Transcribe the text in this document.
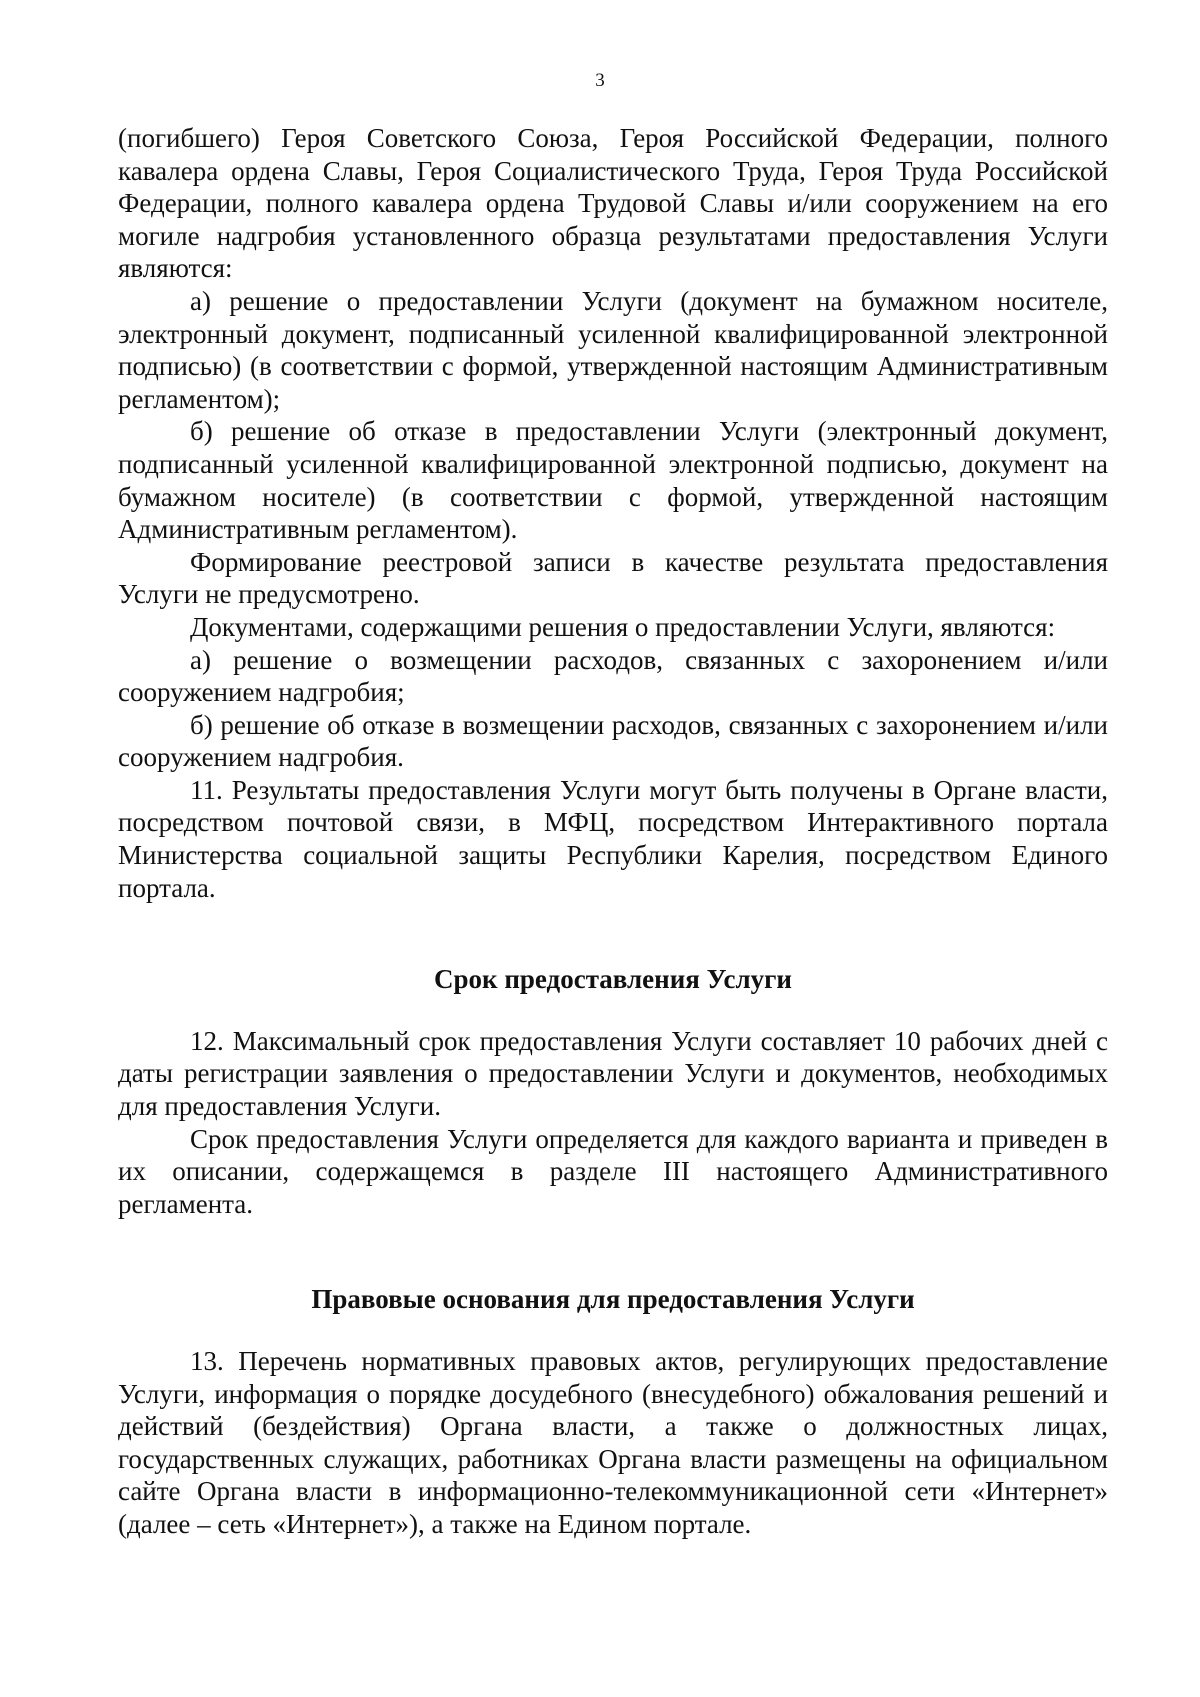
3

(погибшего) Героя Советского Союза, Героя Российской Федерации, полного кавалера ордена Славы, Героя Социалистического Труда, Героя Труда Российской Федерации, полного кавалера ордена Трудовой Славы и/или сооружением на его могиле надгробия установленного образца результатами предоставления Услуги являются:

а) решение о предоставлении Услуги (документ на бумажном носителе, электронный документ, подписанный усиленной квалифицированной электронной подписью) (в соответствии с формой, утвержденной настоящим Административным регламентом);

б) решение об отказе в предоставлении Услуги (электронный документ, подписанный усиленной квалифицированной электронной подписью, документ на бумажном носителе) (в соответствии с формой, утвержденной настоящим Административным регламентом).

Формирование реестровой записи в качестве результата предоставления Услуги не предусмотрено.

Документами, содержащими решения о предоставлении Услуги, являются:

а) решение о возмещении расходов, связанных с захоронением и/или сооружением надгробия;

б) решение об отказе в возмещении расходов, связанных с захоронением и/или сооружением надгробия.

11. Результаты предоставления Услуги могут быть получены в Органе власти, посредством почтовой связи, в МФЦ, посредством Интерактивного портала Министерства социальной защиты Республики Карелия, посредством Единого портала.

Срок предоставления Услуги

12. Максимальный срок предоставления Услуги составляет 10 рабочих дней с даты регистрации заявления о предоставлении Услуги и документов, необходимых для предоставления Услуги.

Срок предоставления Услуги определяется для каждого варианта и приведен в их описании, содержащемся в разделе III настоящего Административного регламента.

Правовые основания для предоставления Услуги

13. Перечень нормативных правовых актов, регулирующих предоставление Услуги, информация о порядке досудебного (внесудебного) обжалования решений и действий (бездействия) Органа власти, а также о должностных лицах, государственных служащих, работниках Органа власти размещены на официальном сайте Органа власти в информационно-телекоммуникационной сети «Интернет» (далее – сеть «Интернет»), а также на Едином портале.
